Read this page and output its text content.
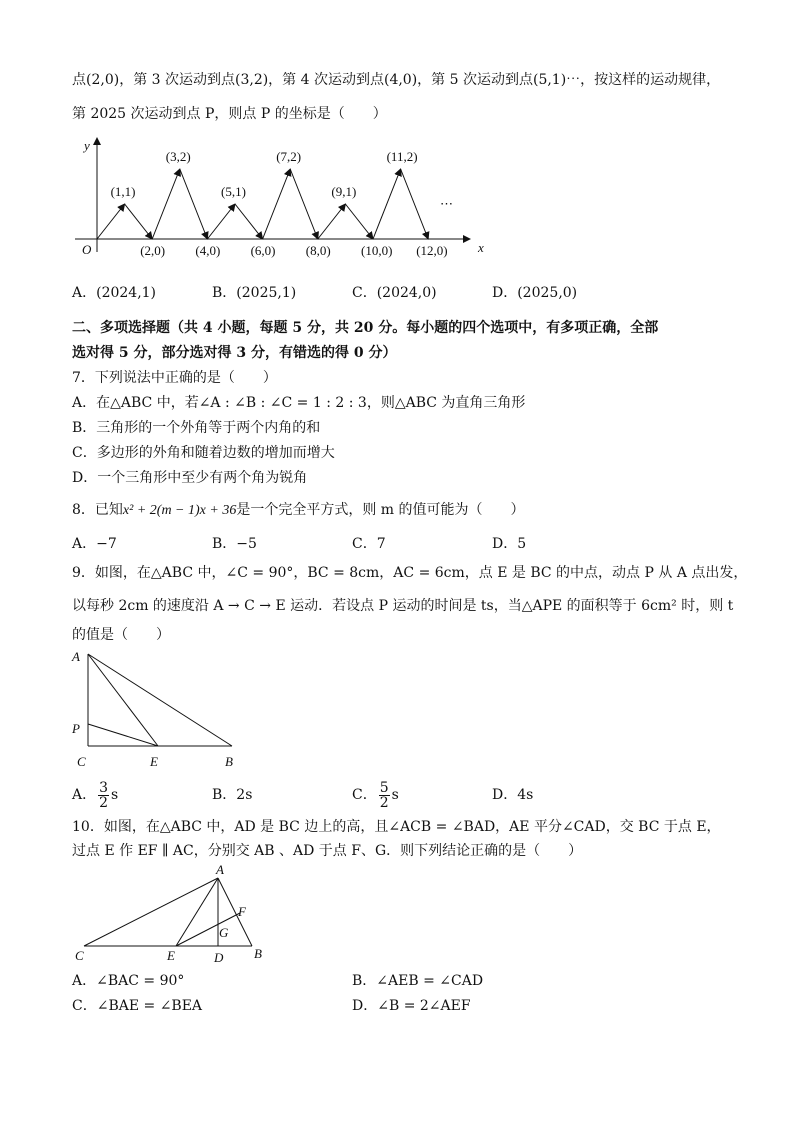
点(2,0)，第 3 次运动到点(3,2)，第 4 次运动到点(4,0)，第 5 次运动到点(5,1)⋯，按这样的运动规律，
第 2025 次运动到点 P，则点 P 的坐标是（　　）
y
x
O
⋯
(1,1)
(3,2)
(5,1)
(7,2)
(9,1)
(11,2)
(2,0) (4,0) (6,0) (8,0) (10,0) (12,0)
A．(2024,1)	B．(2025,1)	C．(2024,0)	D．(2025,0)
二、多项选择题（共 4 小题，每题 5 分，共 20 分。每小题的四个选项中，有多项正确，全部
选对得 5 分，部分选对得 3 分，有错选的得 0 分）
7．下列说法中正确的是（　　）
A．在△ABC 中，若∠A : ∠B : ∠C = 1 : 2 : 3，则△ABC 为直角三角形
B．三角形的一个外角等于两个内角的和
C．多边形的外角和随着边数的增加而增大
D．一个三角形中至少有两个角为锐角
8．已知x² + 2(m − 1)x + 36是一个完全平方式，则 m 的值可能为（　　）
A．−7	B．−5	C．7	D．5
9．如图，在△ABC 中，∠C = 90°，BC = 8cm，AC = 6cm，点 E 是 BC 的中点，动点 P 从 A 点出发，
以每秒 2cm 的速度沿 A → C → E 运动．若设点 P 运动的时间是 ts，当△APE 的面积等于 6cm² 时，则 t
的值是（　　）
A
P
C	E	B
A． $\frac{3}{2}$ s	B．2s	C． $\frac{5}{2}$ s	D．4s
10．如图，在△ABC 中，AD 是 BC 边上的高，且∠ACB = ∠BAD，AE 平分∠CAD，交 BC 于点 E，
过点 E 作 EF ∥ AC，分别交 AB 、AD 于点 F、G．则下列结论正确的是（　　）
A
F
G
C	E	D B
A．∠BAC = 90°	B．∠AEB = ∠CAD
C．∠BAE = ∠BEA	D．∠B = 2∠AEF
